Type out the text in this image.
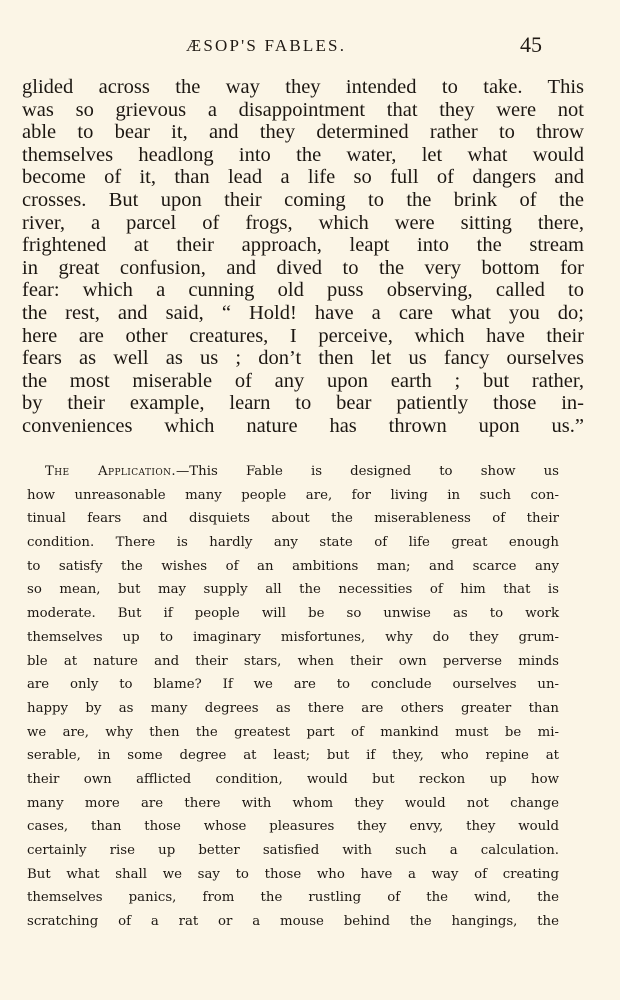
ÆSOP'S FABLES.	45
glided across the way they intended to take. This
was so grievous a disappointment that they were not
able to bear it, and they determined rather to throw
themselves headlong into the water, let what would
become of it, than lead a life so full of dangers and
crosses. But upon their coming to the brink of the
river, a parcel of frogs, which were sitting there,
frightened at their approach, leapt into the stream
in great confusion, and dived to the very bottom for
fear: which a cunning old puss observing, called to
the rest, and said, “ Hold! have a care what you do;
here are other creatures, I perceive, which have their
fears as well as us ; don’t then let us fancy ourselves
the most miserable of any upon earth ; but rather,
by their example, learn to bear patiently those in-
conveniences which nature has thrown upon us.”
The Application.—This Fable is designed to show us
how unreasonable many people are, for living in such con-
tinual fears and disquiets about the miserableness of their
condition. There is hardly any state of life great enough
to satisfy the wishes of an ambitions man; and scarce any
so mean, but may supply all the necessities of him that is
moderate. But if people will be so unwise as to work
themselves up to imaginary misfortunes, why do they grum-
ble at nature and their stars, when their own perverse minds
are only to blame? If we are to conclude ourselves un-
happy by as many degrees as there are others greater than
we are, why then the greatest part of mankind must be mi-
serable, in some degree at least; but if they, who repine at
their own afflicted condition, would but reckon up how
many more are there with whom they would not change
cases, than those whose pleasures they envy, they would
certainly rise up better satisfied with such a calculation.
But what shall we say to those who have a way of creating
themselves panics, from the rustling of the wind, the
scratching of a rat or a mouse behind the hangings, the
